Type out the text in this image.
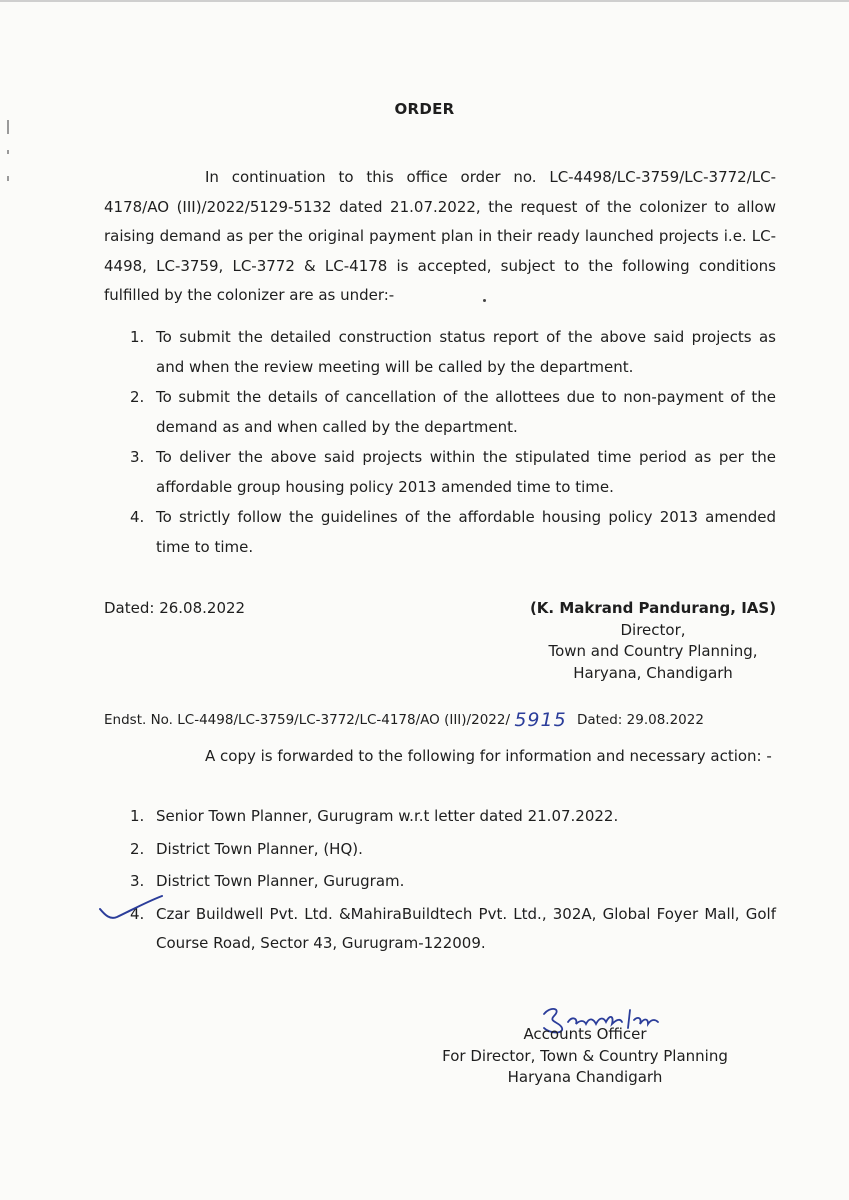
ORDER
In continuation to this office order no. LC-4498/LC-3759/LC-3772/LC-4178/AO (III)/2022/5129-5132 dated 21.07.2022, the request of the colonizer to allow raising demand as per the original payment plan in their ready launched projects i.e. LC-4498, LC-3759, LC-3772 & LC-4178 is accepted, subject to the following conditions fulfilled by the colonizer are as under:-
1. To submit the detailed construction status report of the above said projects as and when the review meeting will be called by the department.
2. To submit the details of cancellation of the allottees due to non-payment of the demand as and when called by the department.
3. To deliver the above said projects within the stipulated time period as per the affordable group housing policy 2013 amended time to time.
4. To strictly follow the guidelines of the affordable housing policy 2013 amended time to time.
Dated: 26.08.2022	(K. Makrand Pandurang, IAS)
Director,
Town and Country Planning,
Haryana, Chandigarh
Endst. No. LC-4498/LC-3759/LC-3772/LC-4178/AO (III)/2022/ 5915 Dated: 29.08.2022
A copy is forwarded to the following for information and necessary action: -
1. Senior Town Planner, Gurugram w.r.t letter dated 21.07.2022.
2. District Town Planner, (HQ).
3. District Town Planner, Gurugram.
4. Czar Buildwell Pvt. Ltd. &MahiraBuildtech Pvt. Ltd., 302A, Global Foyer Mall, Golf Course Road, Sector 43, Gurugram-122009.
Accounts Officer
For Director, Town & Country Planning
Haryana Chandigarh
